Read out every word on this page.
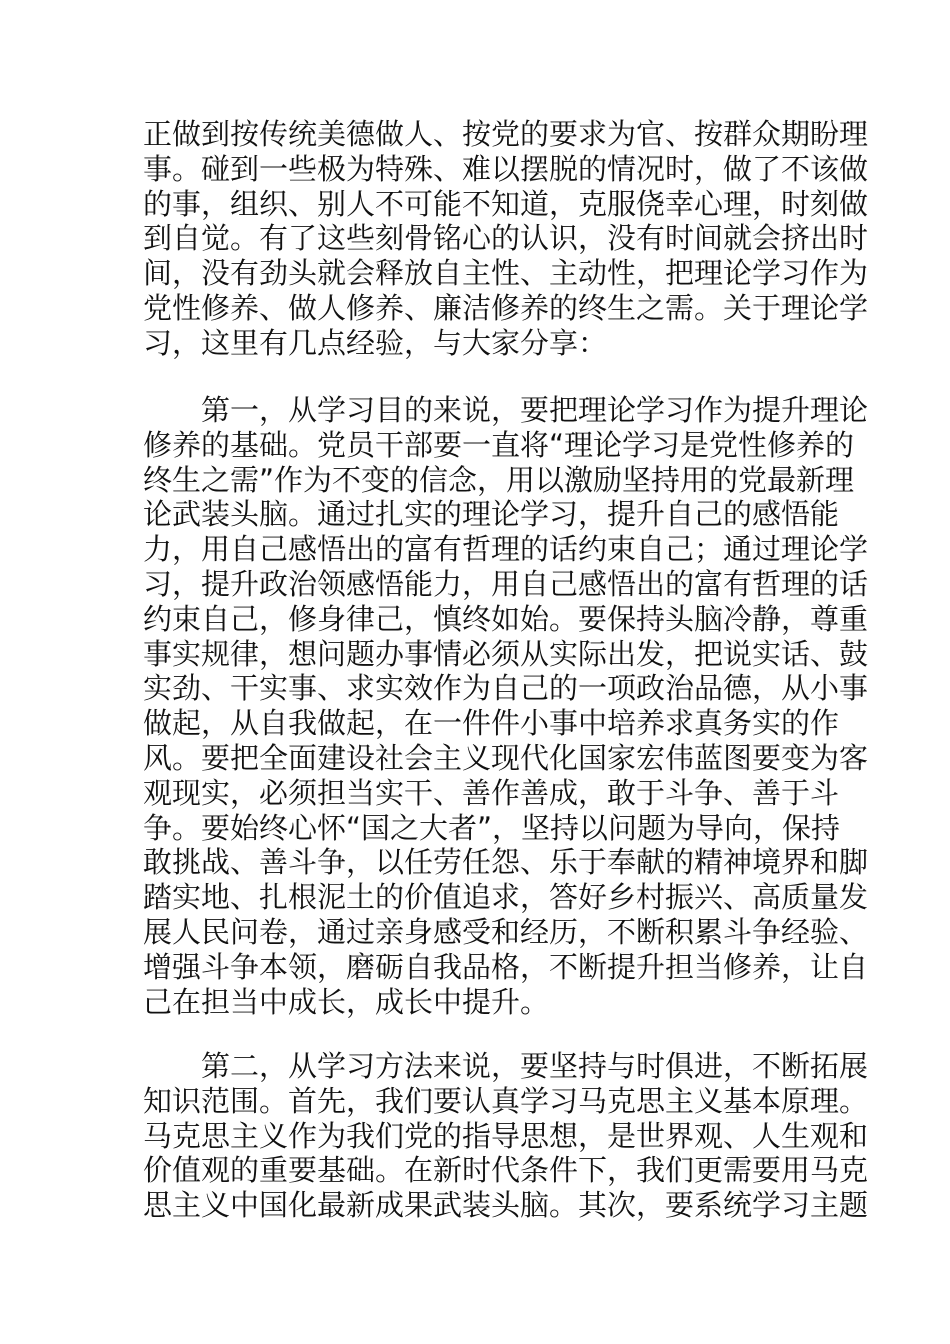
正做到按传统美德做人、按党的要求为官、按群众期盼理
事。碰到一些极为特殊、难以摆脱的情况时，做了不该做
的事，组织、别人不可能不知道，克服侥幸心理，时刻做
到自觉。有了这些刻骨铭心的认识，没有时间就会挤出时
间，没有劲头就会释放自主性、主动性，把理论学习作为
党性修养、做人修养、廉洁修养的终生之需。关于理论学
习，这里有几点经验，与大家分享：
　　第一，从学习目的来说，要把理论学习作为提升理论
修养的基础。党员干部要一直将“理论学习是党性修养的
终生之需”作为不变的信念，用以激励坚持用的党最新理
论武装头脑。通过扎实的理论学习，提升自己的感悟能
力，用自己感悟出的富有哲理的话约束自己；通过理论学
习，提升政治领感悟能力，用自己感悟出的富有哲理的话
约束自己，修身律己，慎终如始。要保持头脑冷静，尊重
事实规律，想问题办事情必须从实际出发，把说实话、鼓
实劲、干实事、求实效作为自己的一项政治品德，从小事
做起，从自我做起，在一件件小事中培养求真务实的作
风。要把全面建设社会主义现代化国家宏伟蓝图要变为客
观现实，必须担当实干、善作善成，敢于斗争、善于斗
争。要始终心怀“国之大者”，坚持以问题为导向，保持
敢挑战、善斗争，以任劳任怨、乐于奉献的精神境界和脚
踏实地、扎根泥土的价值追求，答好乡村振兴、高质量发
展人民问卷，通过亲身感受和经历，不断积累斗争经验、
增强斗争本领，磨砺自我品格，不断提升担当修养，让自
己在担当中成长，成长中提升。
　　第二，从学习方法来说，要坚持与时俱进，不断拓展
知识范围。首先，我们要认真学习马克思主义基本原理。
马克思主义作为我们党的指导思想，是世界观、人生观和
价值观的重要基础。在新时代条件下，我们更需要用马克
思主义中国化最新成果武装头脑。其次，要系统学习主题
